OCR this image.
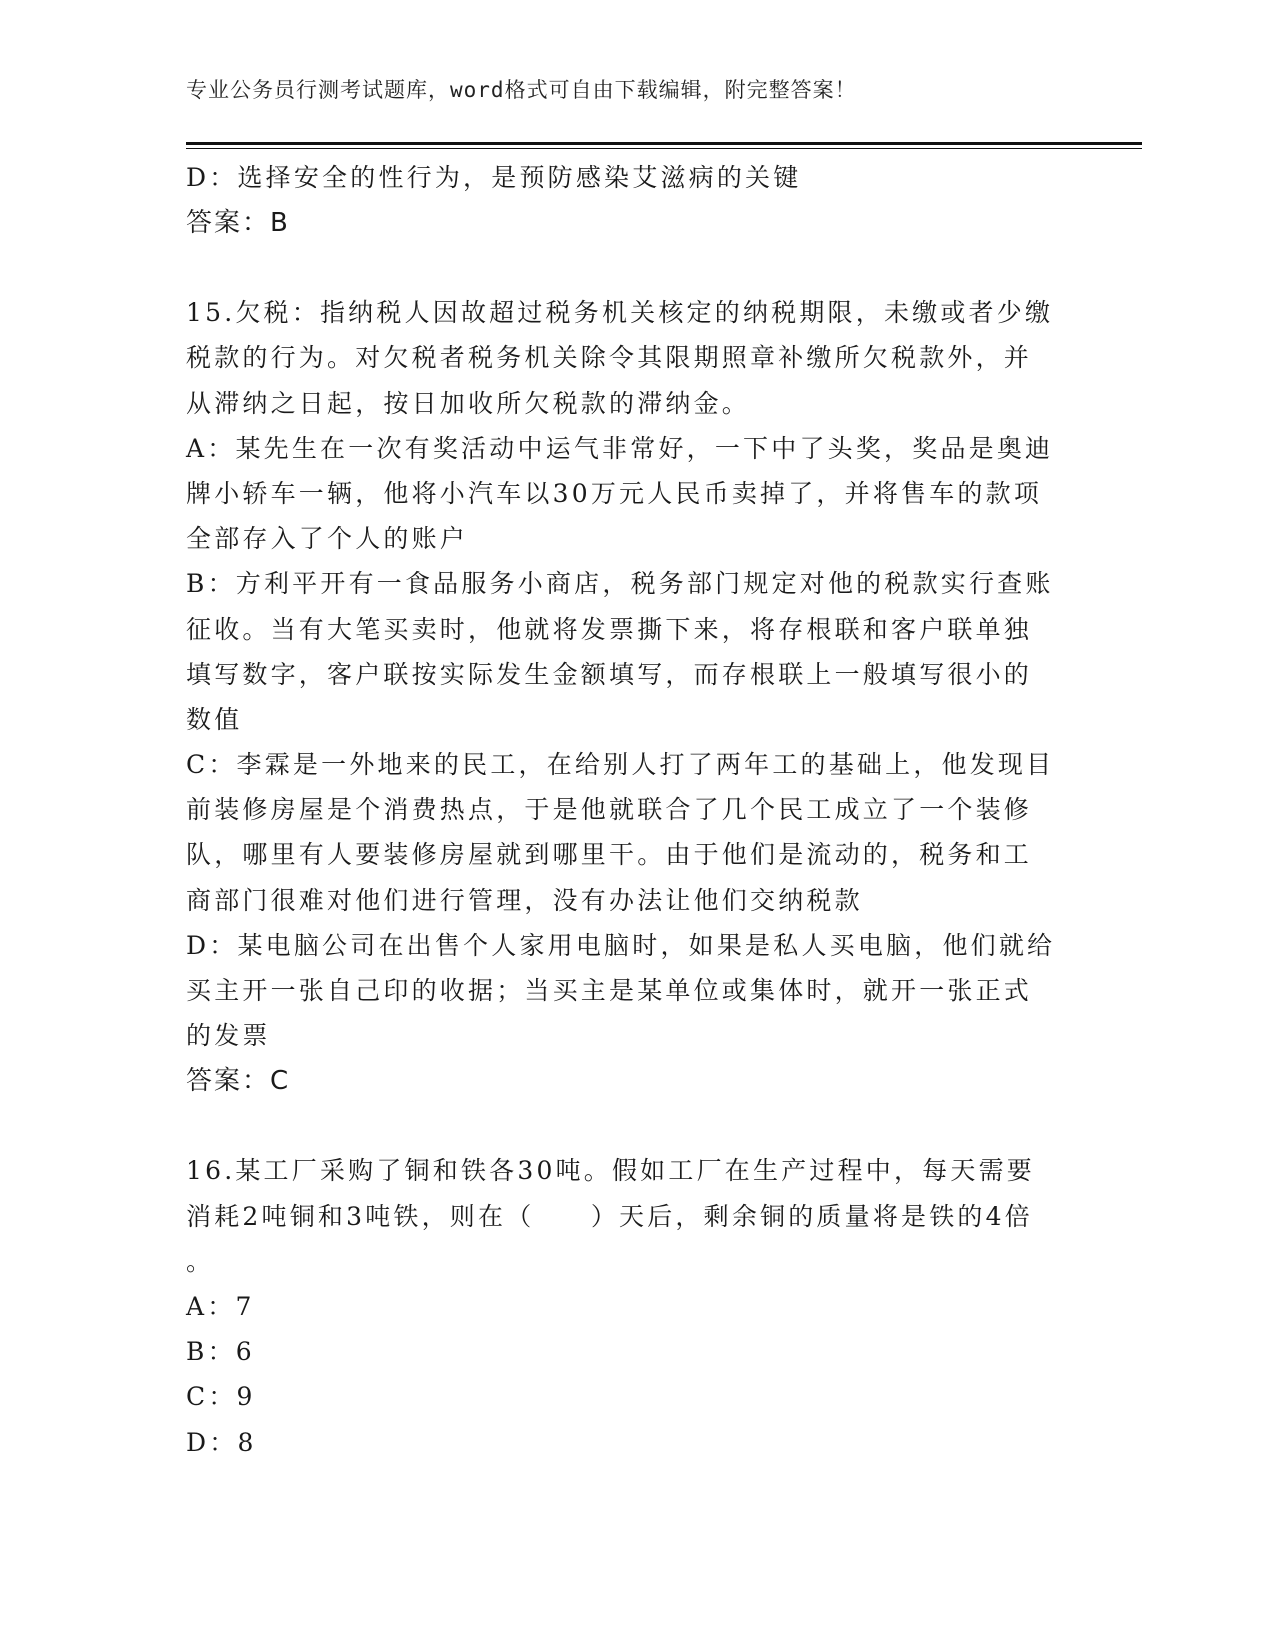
专业公务员行测考试题库，word格式可自由下载编辑，附完整答案！
D：选择安全的性行为，是预防感染艾滋病的关键
答案：B
15.欠税：指纳税人因故超过税务机关核定的纳税期限，未缴或者少缴
税款的行为。对欠税者税务机关除令其限期照章补缴所欠税款外，并
从滞纳之日起，按日加收所欠税款的滞纳金。
A：某先生在一次有奖活动中运气非常好，一下中了头奖，奖品是奥迪
牌小轿车一辆，他将小汽车以30万元人民币卖掉了，并将售车的款项
全部存入了个人的账户
B：方利平开有一食品服务小商店，税务部门规定对他的税款实行查账
征收。当有大笔买卖时，他就将发票撕下来，将存根联和客户联单独
填写数字，客户联按实际发生金额填写，而存根联上一般填写很小的
数值
C：李霖是一外地来的民工，在给别人打了两年工的基础上，他发现目
前装修房屋是个消费热点，于是他就联合了几个民工成立了一个装修
队，哪里有人要装修房屋就到哪里干。由于他们是流动的，税务和工
商部门很难对他们进行管理，没有办法让他们交纳税款
D：某电脑公司在出售个人家用电脑时，如果是私人买电脑，他们就给
买主开一张自己印的收据；当买主是某单位或集体时，就开一张正式
的发票
答案：C
16.某工厂采购了铜和铁各30吨。假如工厂在生产过程中，每天需要
消耗2吨铜和3吨铁，则在（　　）天后，剩余铜的质量将是铁的4倍
。
A：7
B：6
C：9
D：8
